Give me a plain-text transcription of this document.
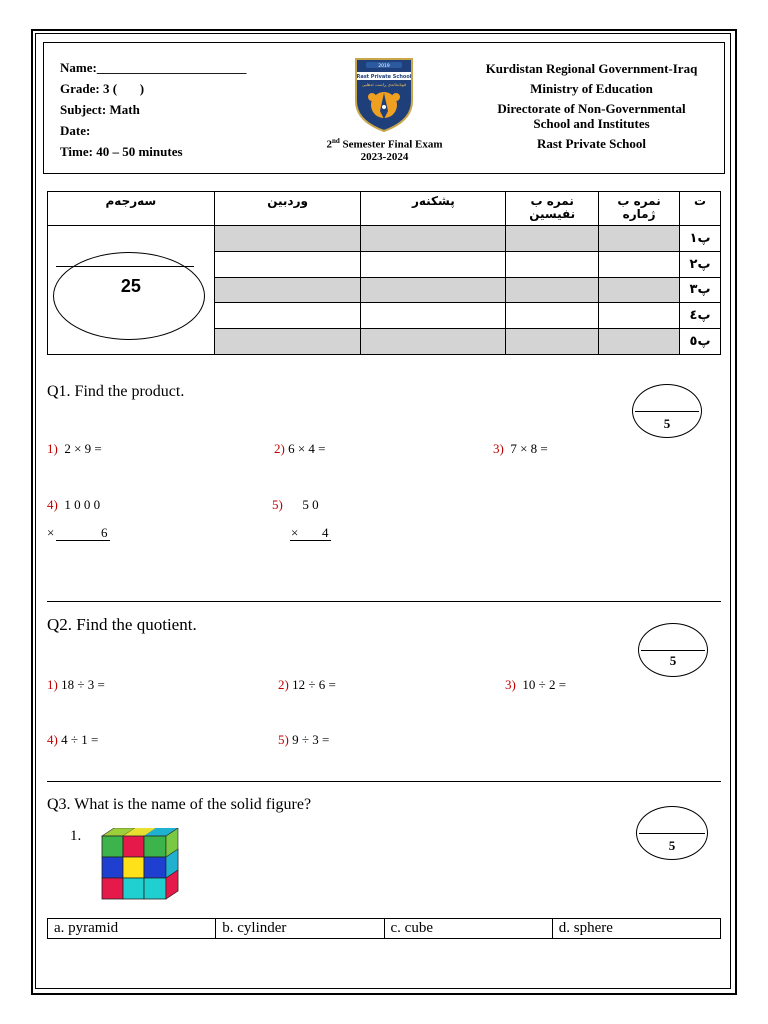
Name:_______________________
Grade: 3 (       )
Subject: Math
Date:
Time: 40 – 50 minutes
2019
Rast Private School
قوتابخانەی ڕاست ئەهلیی
2nd Semester Final Exam
2023-2024
Kurdistan Regional Government-Iraq
Ministry of Education
Directorate of Non-Governmental
School and Institutes
Rast Private School
سەرجەم	وردبین	پشکنەر	نمرە ب نفیسین	نمرە ب ژمارە	ت

25					پ١
					پ٢
					پ٣
					پ٤
					پ٥
Q1. Find the product.
5
1)  2 × 9 =	2) 6 × 4 =	3)  7 × 8 =
4)  1 0 0 0	5)      5 0
×	6	× 4
Q2. Find the quotient.
5
1) 18 ÷ 3 =	2) 12 ÷ 6 =	3)  10 ÷ 2 =
4) 4 ÷ 1 =	5) 9 ÷ 3 =
Q3. What is the name of the solid figure?
1.
5
a. pyramid	b. cylinder	c. cube	d. sphere
